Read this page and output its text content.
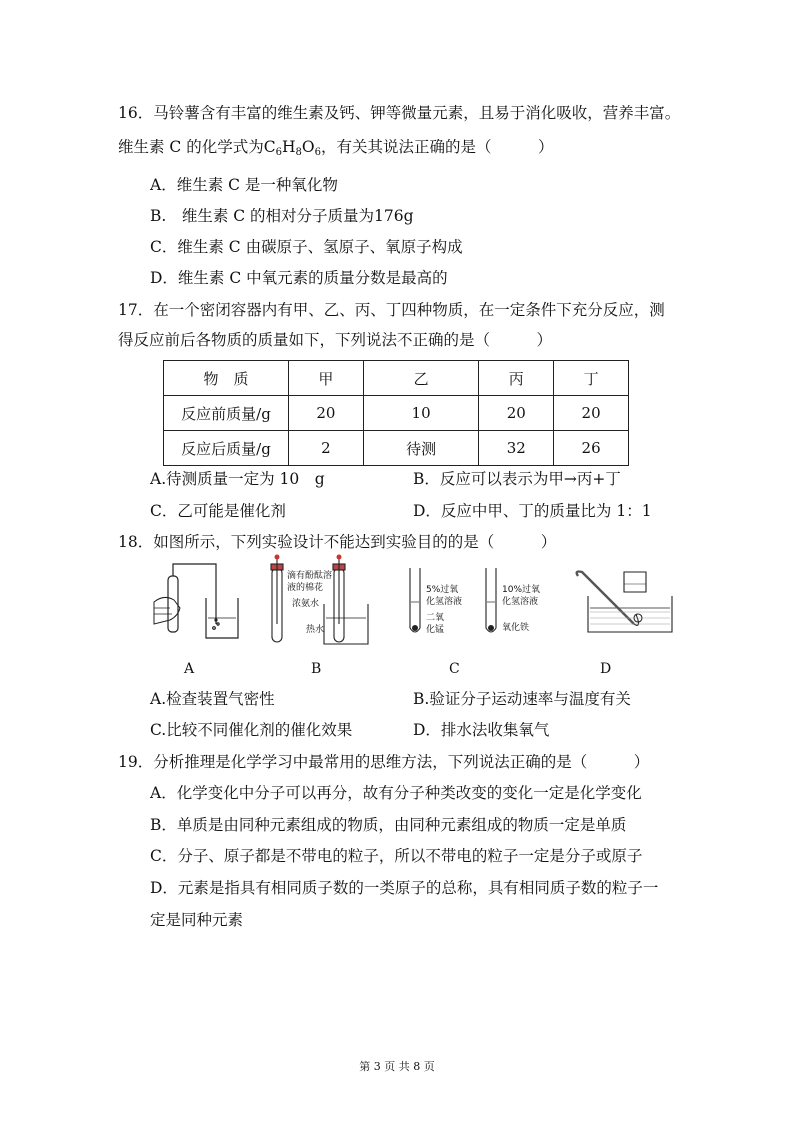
16．马铃薯含有丰富的维生素及钙、钾等微量元素，且易于消化吸收，营养丰富。
维生素 C 的化学式为$C_6H_8O_6$，有关其说法正确的是（　　　）
A．维生素 C 是一种氧化物
B.　维生素 C 的相对分子质量为176g
C．维生素 C 由碳原子、氢原子、氧原子构成
D．维生素 C 中氧元素的质量分数是最高的
17．在一个密闭容器内有甲、乙、丙、丁四种物质，在一定条件下充分反应，测
得反应前后各物质的质量如下，下列说法不正确的是（　　　）
物　质	甲	乙	丙	丁
反应前质量/g	20	10	20	20
反应后质量/g	2	待测	32	26
A.待测质量一定为 10　g	B．反应可以表示为甲→丙+丁
C．乙可能是催化剂	D．反应中甲、丁的质量比为 1：1
18．如图所示，下列实验设计不能达到实验目的的是（　　　）
滴有酚酞溶
液的棉花
浓氨水
热水
5%过氧
化氢溶液
二氧
化锰
10%过氧
化氢溶液
氧化铁
A	B	C	D
A.检查装置气密性	B.验证分子运动速率与温度有关
C.比较不同催化剂的催化效果	D．排水法收集氧气
19．分析推理是化学学习中最常用的思维方法，下列说法正确的是（　　　）
A．化学变化中分子可以再分，故有分子种类改变的变化一定是化学变化
B．单质是由同种元素组成的物质，由同种元素组成的物质一定是单质
C．分子、原子都是不带电的粒子，所以不带电的粒子一定是分子或原子
D．元素是指具有相同质子数的一类原子的总称，具有相同质子数的粒子一
定是同种元素
第 3 页 共 8 页
